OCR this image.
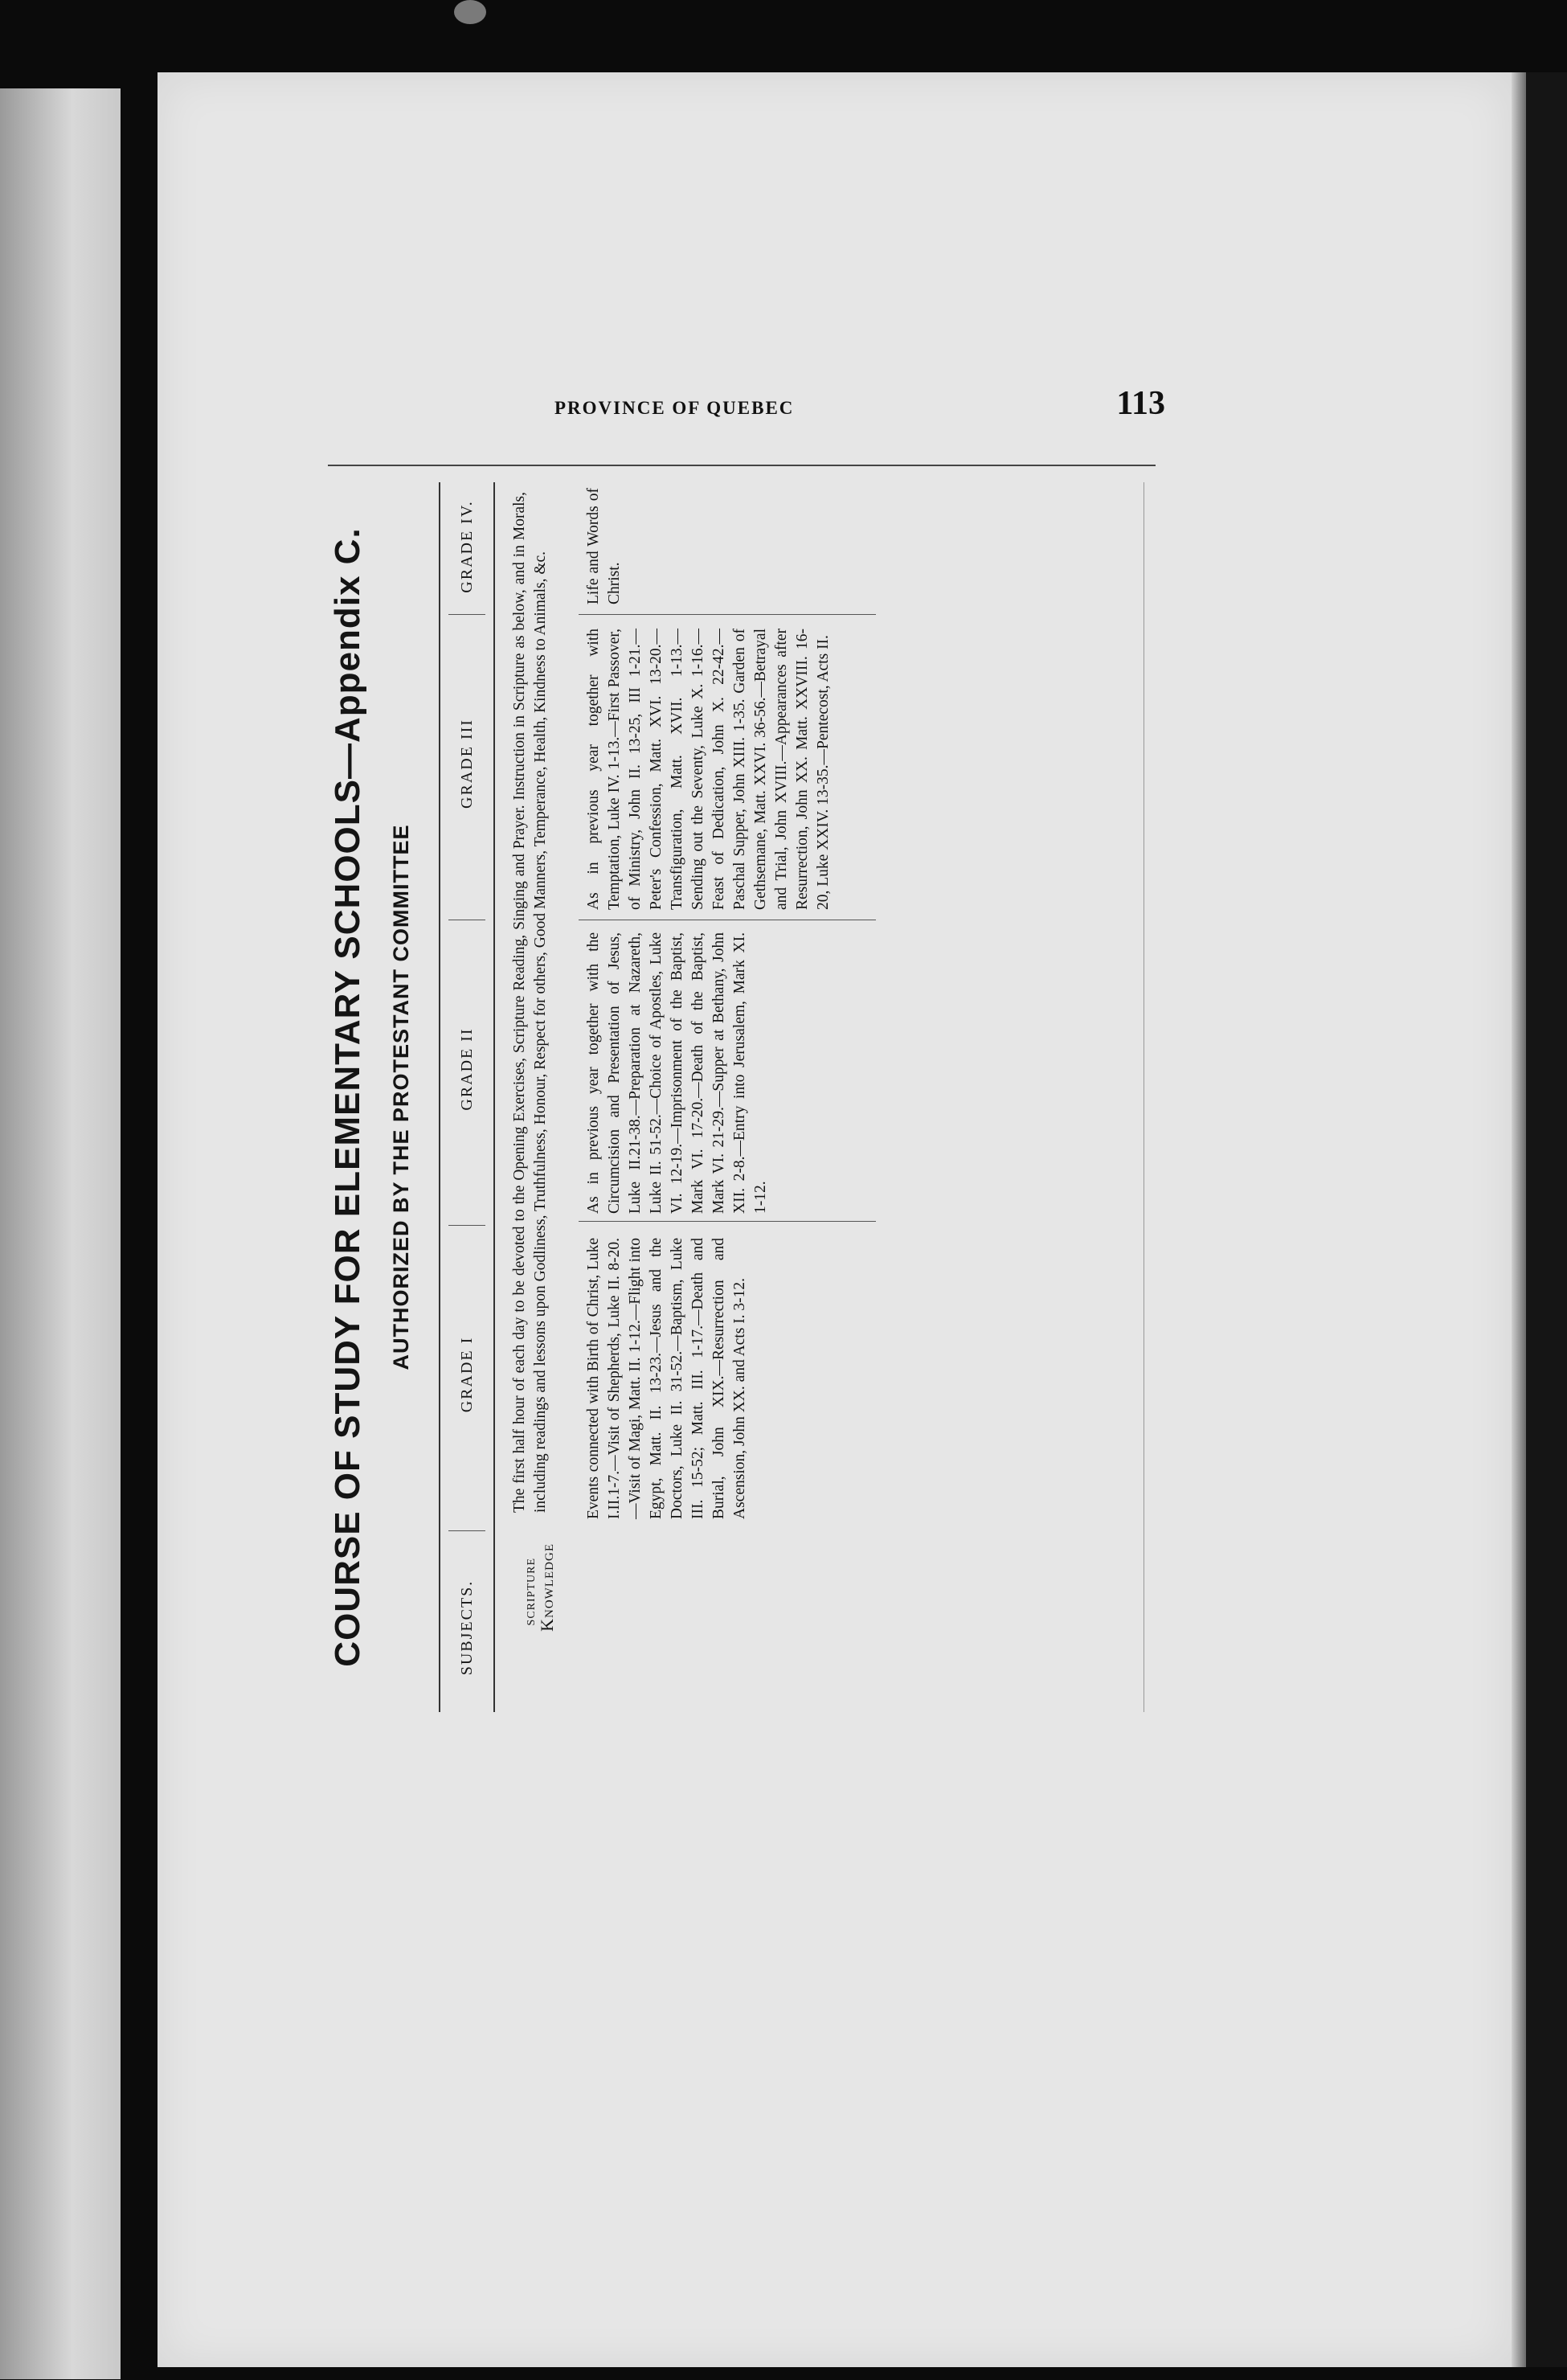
PROVINCE OF QUEBEC	113
COURSE OF STUDY FOR ELEMENTARY SCHOOLS—Appendix C. AUTHORIZED BY THE PROTESTANT COMMITTEE
SUBJECTS.
GRADE I
GRADE II
GRADE III
GRADE IV.
SCRIPTURE Knowledge
The first half hour of each day to be devoted to the Opening Exercises, Scripture Reading, Singing and Prayer. Instruction in Scripture as below, and in Morals, including readings and lessons upon Godliness, Truthfulness, Honour, Respect for others, Good Manners, Temperance, Health, Kindness to Animals, &c. Events connected with Birth of Christ, Luke I.II.1-7.—Visit of Shepherds, Luke II. 8-20.—Visit of Magi, Matt. II. 1-12.—Flight into Egypt, Matt. II. 13-23.—Jesus and the Doctors, Luke II. 31-52.—Baptism, Luke III. 15-52; Matt. III. 1-17.—Death and Burial, John XIX.—Resurrection and Ascension, John XX. and Acts I. 3-12.
As in previous year together with the Circumcision and Presentation of Jesus, Luke II.21-38.—Preparation at Nazareth, Luke II. 51-52.—Choice of Apostles, Luke VI. 12-19.—Imprisonment of the Baptist, Mark VI. 17-20.—Death of the Baptist, Mark VI. 21-29.—Supper at Bethany, John XII. 2-8.—Entry into Jerusalem, Mark XI. 1-12.
As in previous year together with Temptation, Luke IV. 1-13.—First Passover, of Ministry, John II. 13-25, III 1-21.—Peter's Confession, Matt. XVI. 13-20.—Transfiguration, Matt. XVII. 1-13.—Sending out the Seventy, Luke X. 1-16.—Feast of Dedication, John X. 22-42.—Paschal Supper, John XIII. 1-35. Garden of Gethsemane, Matt. XXVI. 36-56.—Betrayal and Trial, John XVIII.—Appearances after Resurrection, John XX. Matt. XXVIII. 16-20, Luke XXIV. 13-35.—Pentecost, Acts II.
Life and Words of Christ.
